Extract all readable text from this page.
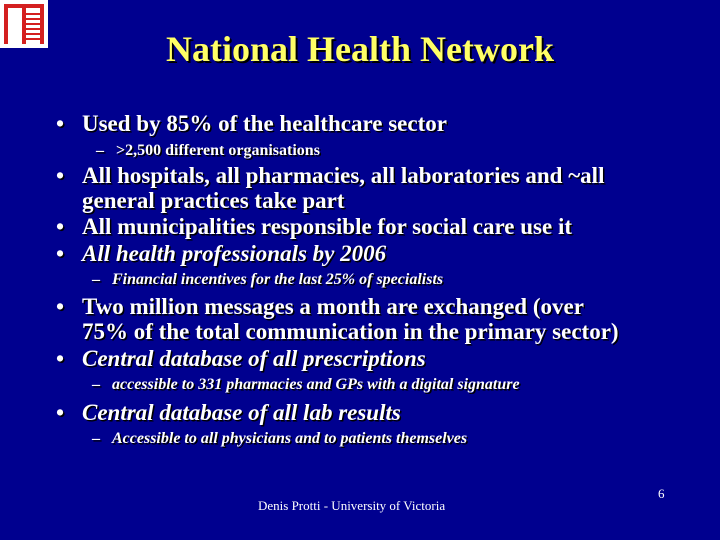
National Health Network
• Used by 85% of the healthcare sector
– >2,500 different organisations
• All hospitals, all pharmacies, all laboratories and ~all
general practices take part
• All municipalities responsible for social care use it
• All health professionals by 2006
– Financial incentives for the last 25% of specialists
• Two million messages a month are exchanged (over
75% of the total communication in the primary sector)
• Central database of all prescriptions
– accessible to 331 pharmacies and GPs with a digital signature
• Central database of all lab results
– Accessible to all physicians and to patients themselves
Denis Protti - University of Victoria
6
